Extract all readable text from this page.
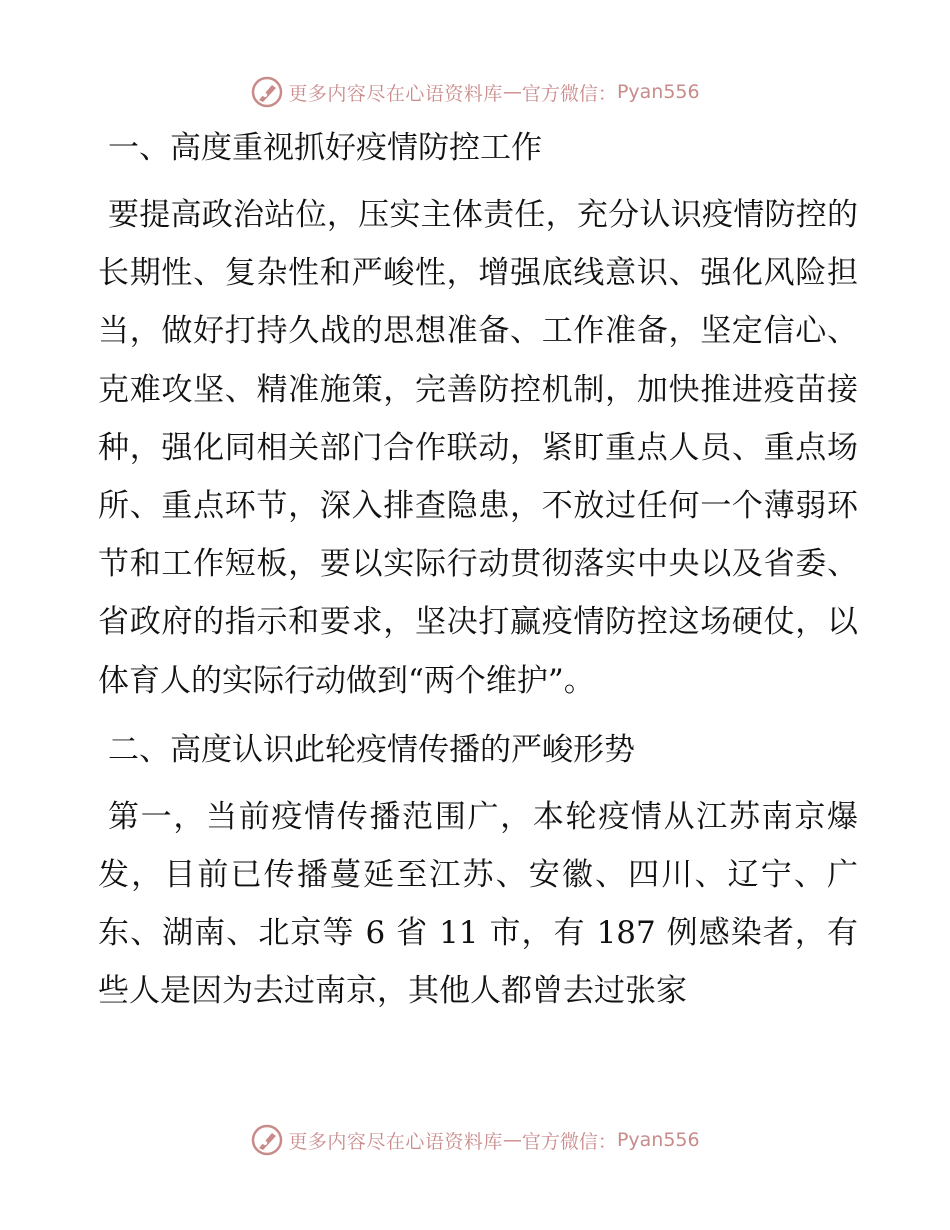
更多内容尽在心语资料库 — 官方微信： Pyan556

一、高度重视抓好疫情防控工作

要提高政治站位，压实主体责任，充分认识疫情防控的长期性、复杂性和严峻性，增强底线意识、强化风险担当，做好打持久战的思想准备、工作准备，坚定信心、克难攻坚、精准施策，完善防控机制，加快推进疫苗接种，强化同相关部门合作联动，紧盯重点人员、重点场所、重点环节，深入排查隐患，不放过任何一个薄弱环节和工作短板，要以实际行动贯彻落实中央以及省委、省政府的指示和要求，坚决打赢疫情防控这场硬仗，以体育人的实际行动做到“两个维护”。

二、高度认识此轮疫情传播的严峻形势

第一，当前疫情传播范围广，本轮疫情从江苏南京爆发，目前已传播蔓延至江苏、安徽、四川、辽宁、广东、湖南、北京等 6 省 11 市，有 187 例感染者，有些人是因为去过南京，其他人都曾去过张家

更多内容尽在心语资料库 — 官方微信： Pyan556
